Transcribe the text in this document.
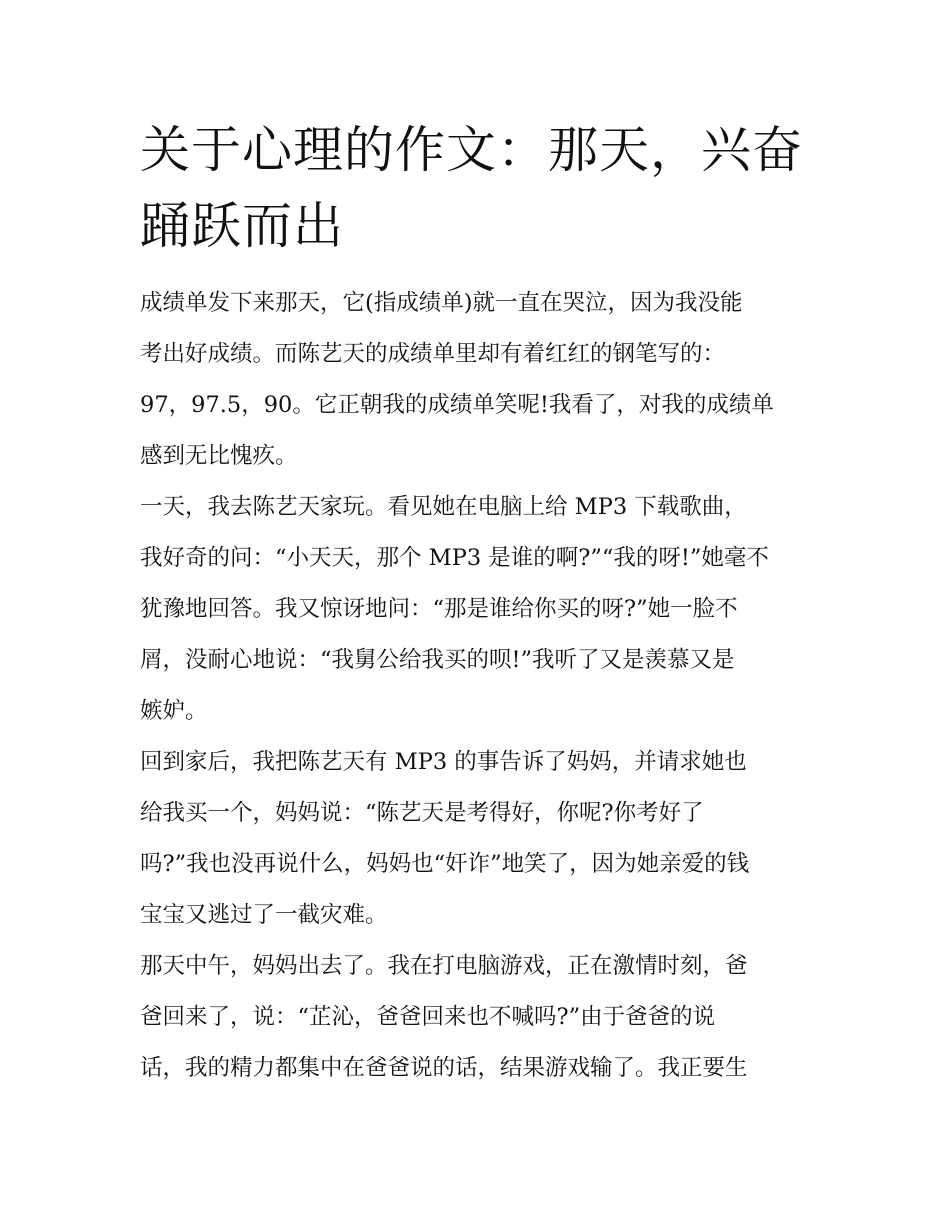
关于心理的作文：那天，兴奋
踊跃而出

成绩单发下来那天，它(指成绩单)就一直在哭泣，因为我没能
考出好成绩。而陈艺天的成绩单里却有着红红的钢笔写的：
97，97.5，90。它正朝我的成绩单笑呢!我看了，对我的成绩单
感到无比愧疚。

一天，我去陈艺天家玩。看见她在电脑上给 MP3 下载歌曲，
我好奇的问：“小天天，那个 MP3 是谁的啊?”“我的呀!”她毫不
犹豫地回答。我又惊讶地问：“那是谁给你买的呀?”她一脸不
屑，没耐心地说：“我舅公给我买的呗!”我听了又是羡慕又是
嫉妒。

回到家后，我把陈艺天有 MP3 的事告诉了妈妈，并请求她也
给我买一个，妈妈说：“陈艺天是考得好，你呢?你考好了
吗?”我也没再说什么，妈妈也“奸诈”地笑了，因为她亲爱的钱
宝宝又逃过了一截灾难。

那天中午，妈妈出去了。我在打电脑游戏，正在激情时刻，爸
爸回来了，说：“芷沁，爸爸回来也不喊吗?”由于爸爸的说
话，我的精力都集中在爸爸说的话，结果游戏输了。我正要生
